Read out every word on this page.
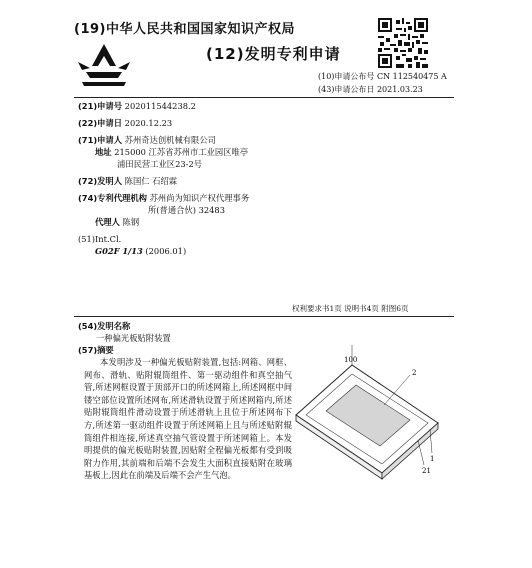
(19)中华人民共和国国家知识产权局
(12)发明专利申请
(10)申请公布号 CN 112540475 A
(43)申请公布日 2021.03.23
(21)申请号 202011544238.2
(22)申请日 2020.12.23
(71)申请人 苏州奇达创机械有限公司
地址 215000 江苏省苏州市工业园区唯亭
浦田民营工业区23-2号
(72)发明人 陈国仁 石绍霖
(74)专利代理机构 苏州尚为知识产权代理事务
所(普通合伙) 32483
代理人 陈钢
(51)Int.Cl.
G02F 1/13 (2006.01)
权利要求书1页 说明书4页 附图6页
(54)发明名称
一种偏光板贴附装置
(57)摘要
本发明涉及一种偏光板贴附装置,包括:网箱、网框、网布、滑轨、贴附辊筒组件、第一驱动组件和真空抽气管,所述网框设置于顶部开口的所述网箱上,所述网框中间镂空部位设置所述网布,所述滑轨设置于所述网箱内,所述贴附辊筒组件滑动设置于所述滑轨上且位于所述网布下方,所述第一驱动组件设置于所述网箱上且与所述贴附辊筒组件相连接,所述真空抽气管设置于所述网箱上。本发明提供的偏光板贴附装置,因贴附全程偏光板都有受到吸附力作用,其前端和后端不会发生大面积直接贴附在玻璃基板上,因此在前端及后端不会产生气泡。
100
2
1
21
